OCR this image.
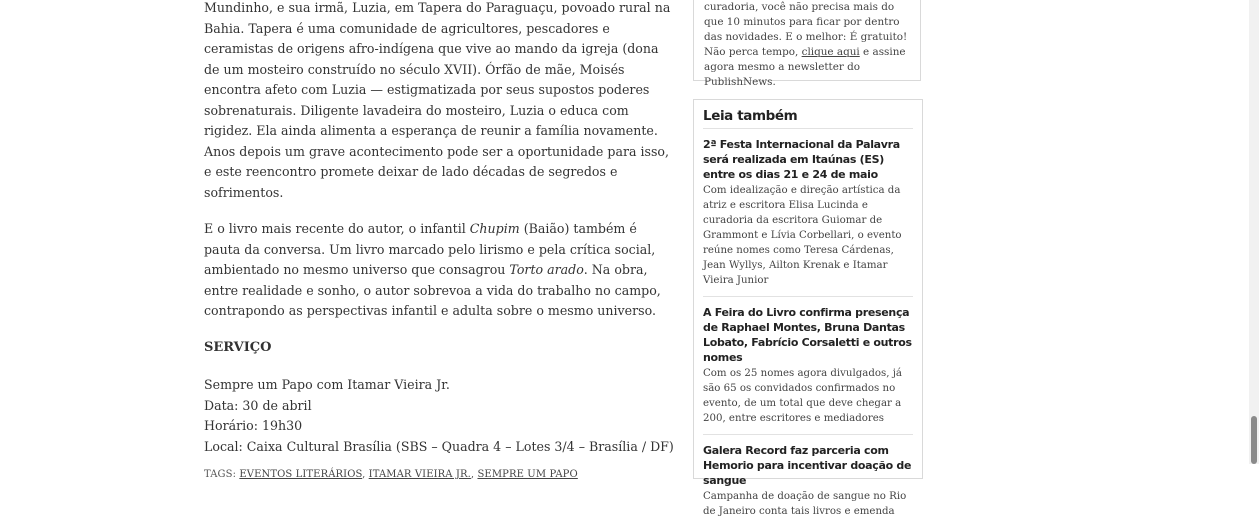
Mundinho, e sua irmã, Luzia, em Tapera do Paraguaçu, povoado rural na Bahia. Tapera é uma comunidade de agricultores, pescadores e ceramistas de origens afro-indígena que vive ao mando da igreja (dona de um mosteiro construído no século XVII). Órfão de mãe, Moisés encontra afeto com Luzia — estigmatizada por seus supostos poderes sobrenaturais. Diligente lavadeira do mosteiro, Luzia o educa com rigidez. Ela ainda alimenta a esperança de reunir a família novamente. Anos depois um grave acontecimento pode ser a oportunidade para isso, e este reencontro promete deixar de lado décadas de segredos e sofrimentos.

E o livro mais recente do autor, o infantil Chupim (Baião) também é pauta da conversa. Um livro marcado pelo lirismo e pela crítica social, ambientado no mesmo universo que consagrou Torto arado. Na obra, entre realidade e sonho, o autor sobrevoa a vida do trabalho no campo, contrapondo as perspectivas infantil e adulta sobre o mesmo universo.

SERVIÇO
Sempre um Papo com Itamar Vieira Jr.
Data: 30 de abril
Horário: 19h30
Local: Caixa Cultural Brasília (SBS – Quadra 4 – Lotes 3/4 – Brasília / DF)
TAGS: EVENTOS LITERÁRIOS, ITAMAR VIEIRA JR., SEMPRE UM PAPO
curadoria, você não precisa mais do que 10 minutos para ficar por dentro das novidades. E o melhor: É gratuito! Não perca tempo, clique aqui e assine agora mesmo a newsletter do PublishNews.
Leia também
2ª Festa Internacional da Palavra será realizada em Itaúnas (ES) entre os dias 21 e 24 de maio
Com idealização e direção artística da atriz e escritora Elisa Lucinda e curadoria da escritora Guiomar de Grammont e Lívia Corbellari, o evento reúne nomes como Teresa Cárdenas, Jean Wyllys, Ailton Krenak e Itamar Vieira Junior
A Feira do Livro confirma presença de Raphael Montes, Bruna Dantas Lobato, Fabrício Corsaletti e outros nomes
Com os 25 nomes agora divulgados, já são 65 os convidados confirmados no evento, de um total que deve chegar a 200, entre escritores e mediadores
Galera Record faz parceria com Hemorio para incentivar doação de sangue
Campanha de doação de sangue no Rio de Janeiro conta tais livros e emenda
